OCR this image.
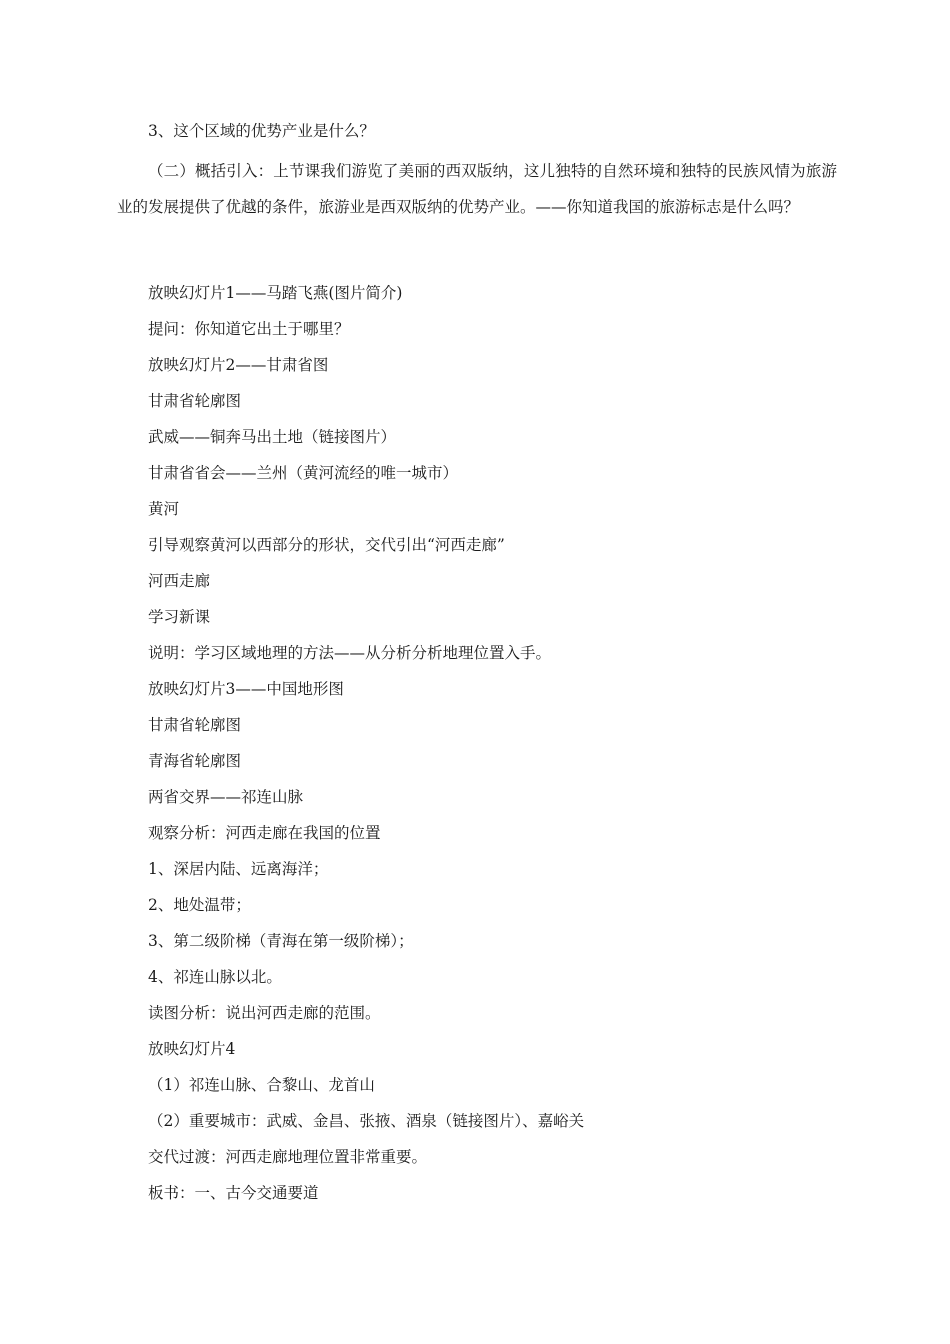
3、这个区域的优势产业是什么？
（二）概括引入：上节课我们游览了美丽的西双版纳，这儿独特的自然环境和独特的民族风情为旅游业的发展提供了优越的条件，旅游业是西双版纳的优势产业。——你知道我国的旅游标志是什么吗？
放映幻灯片1——马踏飞燕(图片简介)
提问：你知道它出土于哪里？
放映幻灯片2——甘肃省图
甘肃省轮廓图
武威——铜奔马出土地（链接图片）
甘肃省省会——兰州（黄河流经的唯一城市）
黄河
引导观察黄河以西部分的形状，交代引出“河西走廊”
河西走廊
学习新课
说明：学习区域地理的方法——从分析分析地理位置入手。
放映幻灯片3——中国地形图
甘肃省轮廓图
青海省轮廓图
两省交界——祁连山脉
观察分析：河西走廊在我国的位置
1、深居内陆、远离海洋；
2、地处温带；
3、第二级阶梯（青海在第一级阶梯）；
4、祁连山脉以北。
读图分析：说出河西走廊的范围。
放映幻灯片4
（1）祁连山脉、合黎山、龙首山
（2）重要城市：武威、金昌、张掖、酒泉（链接图片）、嘉峪关
交代过渡：河西走廊地理位置非常重要。
板书：一、古今交通要道
